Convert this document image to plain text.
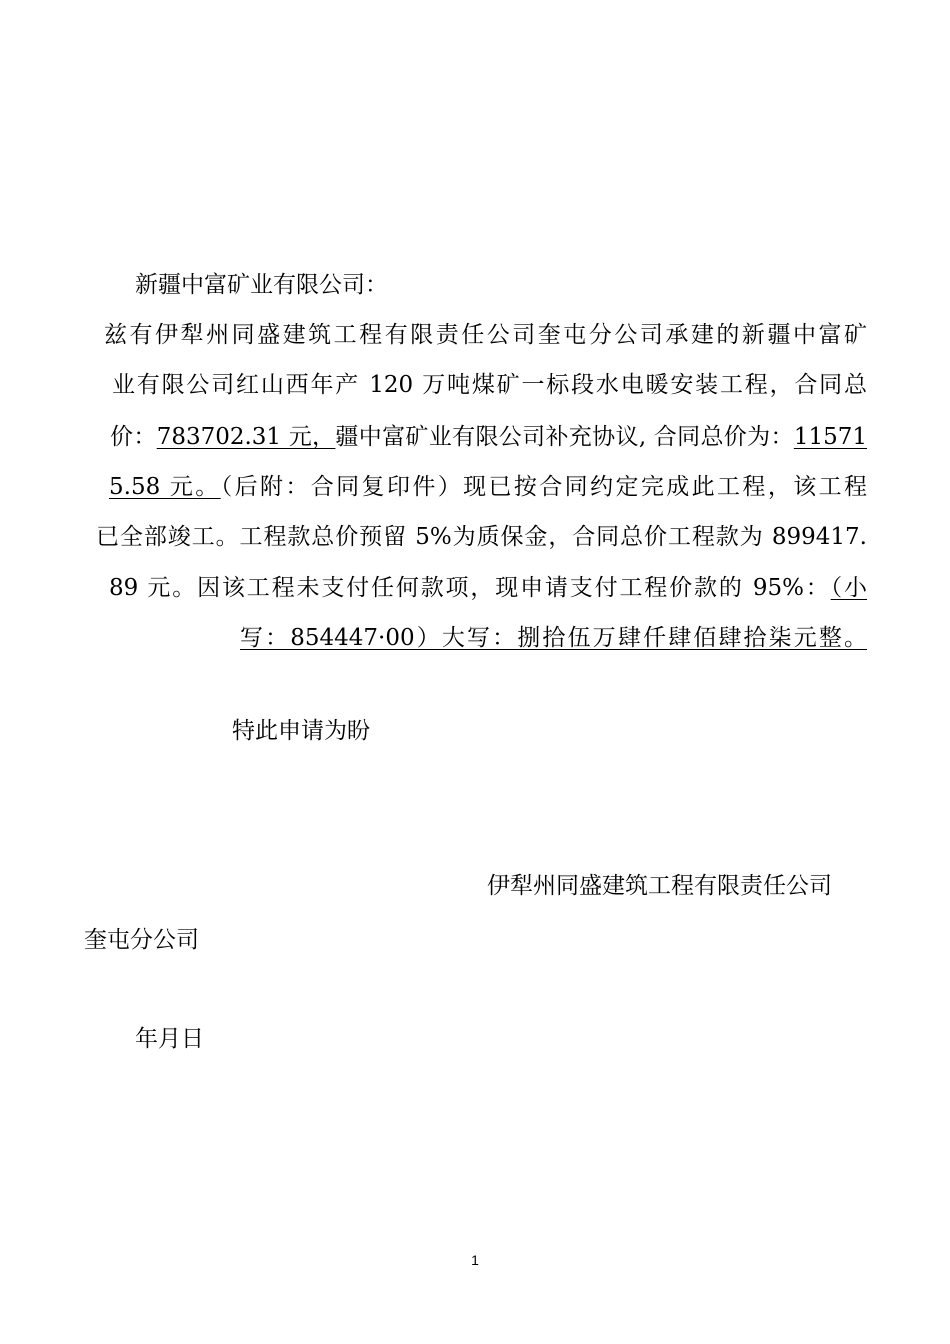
新疆中富矿业有限公司：
兹有伊犁州同盛建筑工程有限责任公司奎屯分公司承建的新疆中富矿
业有限公司红山西年产 120 万吨煤矿一标段水电暖安装工程，合同总
价：783702.31 元，疆中富矿业有限公司补充协议, 合同总价为：11571
5.58 元。（后附：合同复印件）现已按合同约定完成此工程，该工程
已全部竣工。工程款总价预留 5%为质保金，合同总价工程款为 899417.
89 元。因该工程未支付任何款项，现申请支付工程价款的 95%：（小
写：854447·00）大写：捌拾伍万肆仟肆佰肆拾柒元整。
特此申请为盼
伊犁州同盛建筑工程有限责任公司
奎屯分公司
年月日
1
